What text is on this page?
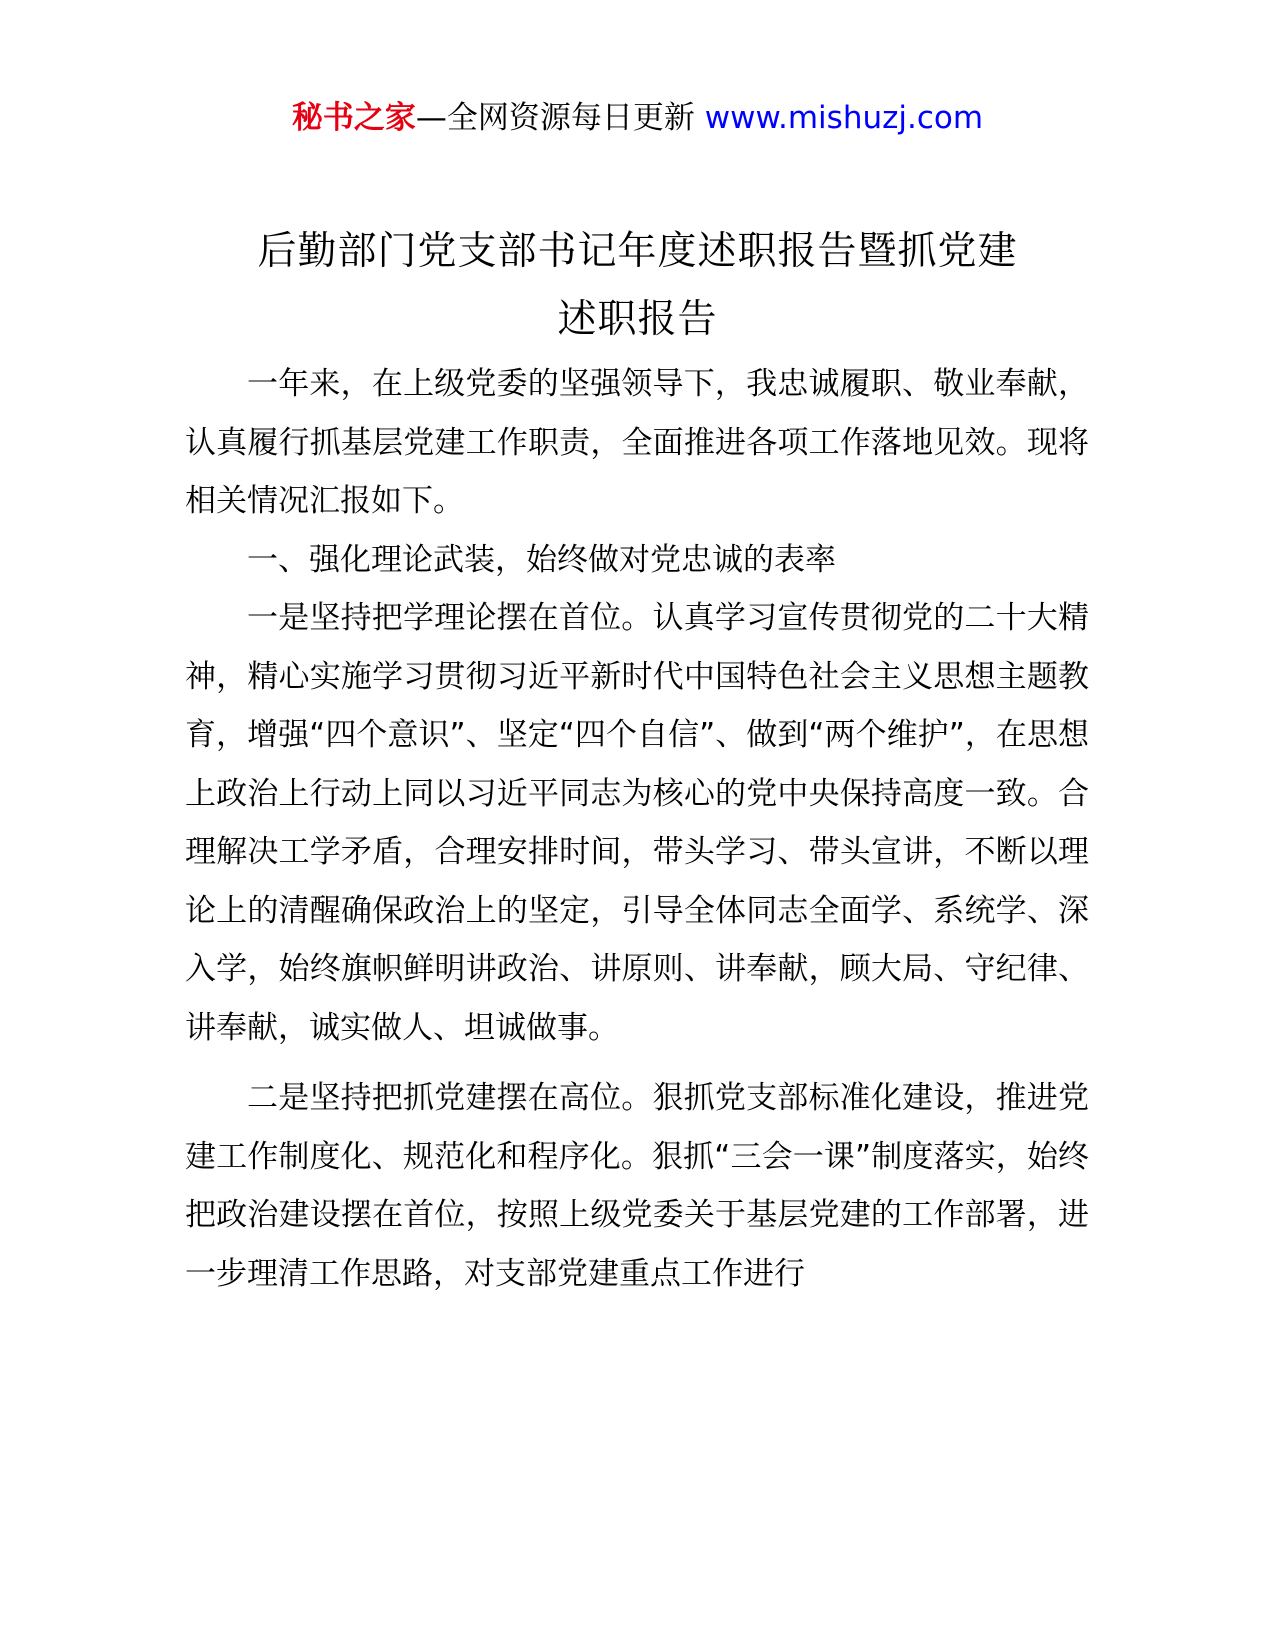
秘书之家—全网资源每日更新 www.mishuzj.com
后勤部门党支部书记年度述职报告暨抓党建
述职报告

一年来，在上级党委的坚强领导下，我忠诚履职、敬业奉献，认真履行抓基层党建工作职责，全面推进各项工作落地见效。现将相关情况汇报如下。

一、强化理论武装，始终做对党忠诚的表率

一是坚持把学理论摆在首位。认真学习宣传贯彻党的二十大精神，精心实施学习贯彻习近平新时代中国特色社会主义思想主题教育，增强“四个意识”、坚定“四个自信”、做到“两个维护”，在思想上政治上行动上同以习近平同志为核心的党中央保持高度一致。合理解决工学矛盾，合理安排时间，带头学习、带头宣讲，不断以理论上的清醒确保政治上的坚定，引导全体同志全面学、系统学、深入学，始终旗帜鲜明讲政治、讲原则、讲奉献，顾大局、守纪律、讲奉献，诚实做人、坦诚做事。

二是坚持把抓党建摆在高位。狠抓党支部标准化建设，推进党建工作制度化、规范化和程序化。狠抓“三会一课”制度落实，始终把政治建设摆在首位，按照上级党委关于基层党建的工作部署，进一步理清工作思路，对支部党建重点工作进行
